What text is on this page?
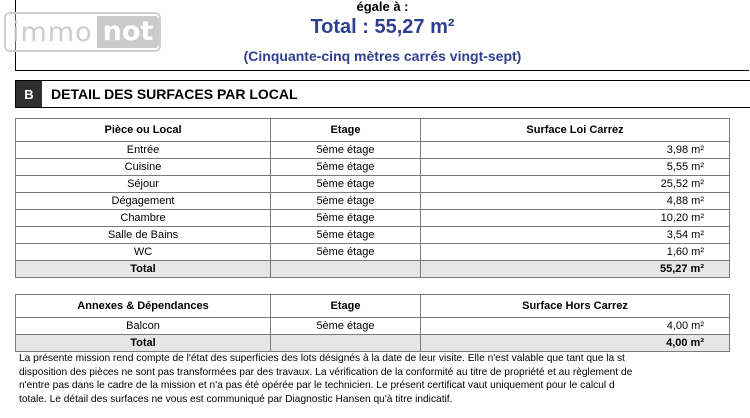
immo not
égale à :
Total : 55,27 m²
(Cinquante-cinq mètres carrés vingt-sept)
B	DETAIL DES SURFACES PAR LOCAL
Pièce ou Local	Etage	Surface Loi Carrez
Entrée	5ème étage	3,98 m²
Cuisine	5ème étage	5,55 m²
Séjour	5ème étage	25,52 m²
Dégagement	5ème étage	4,88 m²
Chambre	5ème étage	10,20 m²
Salle de Bains	5ème étage	3,54 m²
WC	5ème étage	1,60 m²
Total		55,27 m²
Annexes & Dépendances	Etage	Surface Hors Carrez
Balcon	5ème étage	4,00 m²
Total		4,00 m²
La présente mission rend compte de l'état des superficies des lots désignés à la date de leur visite. Elle n'est valable que tant que la st
disposition des pièces ne sont pas transformées par des travaux. La vérification de la conformité au titre de propriété et au règlement de
n'entre pas dans le cadre de la mission et n'a pas été opérée par le technicien. Le présent certificat vaut uniquement pour le calcul d
totale. Le détail des surfaces ne vous est communiqué par Diagnostic Hansen qu'à titre indicatif.
